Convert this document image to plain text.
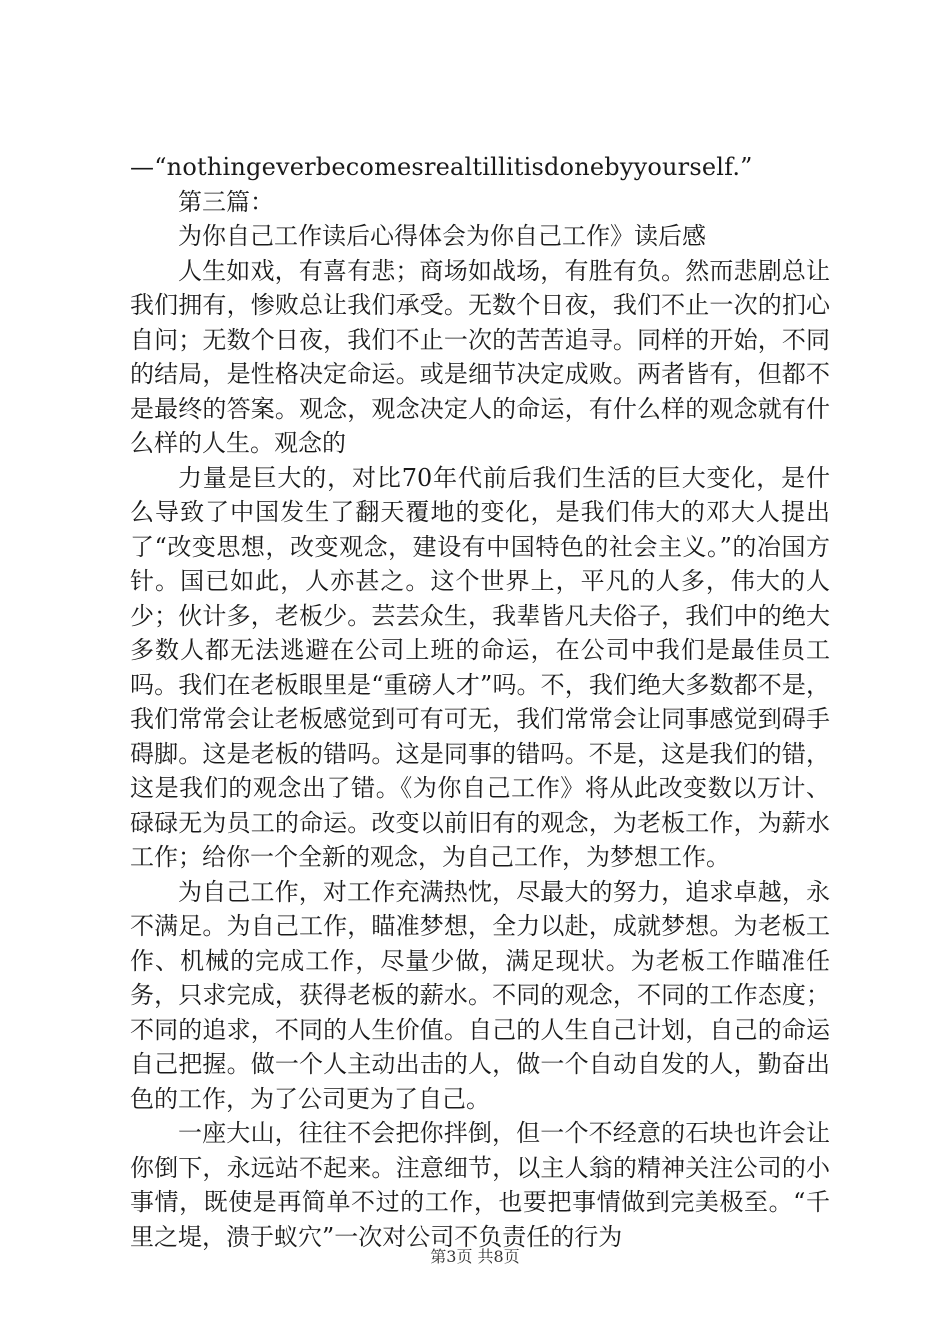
—“nothingeverbecomesrealtillitisdonebyyourself.”

第三篇：

为你自己工作读后心得体会为你自己工作》读后感

人生如戏，有喜有悲；商场如战场，有胜有负。然而悲剧总让我们拥有，惨败总让我们承受。无数个日夜，我们不止一次的扪心自问；无数个日夜，我们不止一次的苦苦追寻。同样的开始，不同的结局，是性格决定命运。或是细节决定成败。两者皆有，但都不是最终的答案。观念，观念决定人的命运，有什么样的观念就有什么样的人生。观念的

力量是巨大的，对比70年代前后我们生活的巨大变化，是什么导致了中国发生了翻天覆地的变化，是我们伟大的邓大人提出了“改变思想，改变观念，建设有中国特色的社会主义。”的冶国方针。国已如此，人亦甚之。这个世界上，平凡的人多，伟大的人少；伙计多，老板少。芸芸众生，我辈皆凡夫俗子，我们中的绝大多数人都无法逃避在公司上班的命运，在公司中我们是最佳员工吗。我们在老板眼里是“重磅人才”吗。不，我们绝大多数都不是，我们常常会让老板感觉到可有可无，我们常常会让同事感觉到碍手碍脚。这是老板的错吗。这是同事的错吗。不是，这是我们的错，这是我们的观念出了错。《为你自己工作》将从此改变数以万计、碌碌无为员工的命运。改变以前旧有的观念，为老板工作，为薪水工作；给你一个全新的观念，为自己工作，为梦想工作。

为自己工作，对工作充满热忱，尽最大的努力，追求卓越，永不满足。为自己工作，瞄准梦想，全力以赴，成就梦想。为老板工作、机械的完成工作，尽量少做，满足现状。为老板工作瞄准任务，只求完成，获得老板的薪水。不同的观念，不同的工作态度；不同的追求，不同的人生价值。自己的人生自己计划，自己的命运自己把握。做一个人主动出击的人，做一个自动自发的人，勤奋出色的工作，为了公司更为了自己。

一座大山，往往不会把你拌倒，但一个不经意的石块也许会让你倒下，永远站不起来。注意细节，以主人翁的精神关注公司的小事情，既使是再简单不过的工作，也要把事情做到完美极至。“千里之堤，溃于蚁穴”一次对公司不负责任的行为

第3页 共8页
